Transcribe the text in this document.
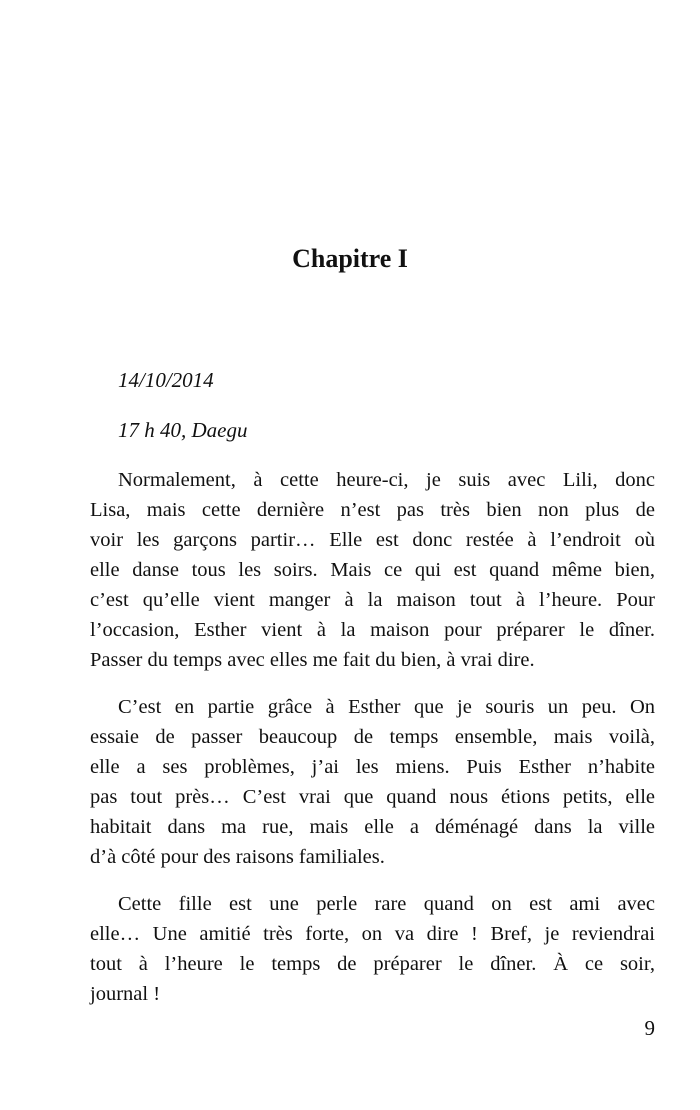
Chapitre I
14/10/2014
17 h 40, Daegu
Normalement, à cette heure-ci, je suis avec Lili, donc
Lisa, mais cette dernière n’est pas très bien non plus de
voir les garçons partir… Elle est donc restée à l’endroit où
elle danse tous les soirs. Mais ce qui est quand même bien,
c’est qu’elle vient manger à la maison tout à l’heure. Pour
l’occasion, Esther vient à la maison pour préparer le dîner.
Passer du temps avec elles me fait du bien, à vrai dire.
C’est en partie grâce à Esther que je souris un peu. On
essaie de passer beaucoup de temps ensemble, mais voilà,
elle a ses problèmes, j’ai les miens. Puis Esther n’habite
pas tout près… C’est vrai que quand nous étions petits, elle
habitait dans ma rue, mais elle a déménagé dans la ville
d’à côté pour des raisons familiales.
Cette fille est une perle rare quand on est ami avec
elle… Une amitié très forte, on va dire ! Bref, je reviendrai
tout à l’heure le temps de préparer le dîner. À ce soir,
journal !
9
